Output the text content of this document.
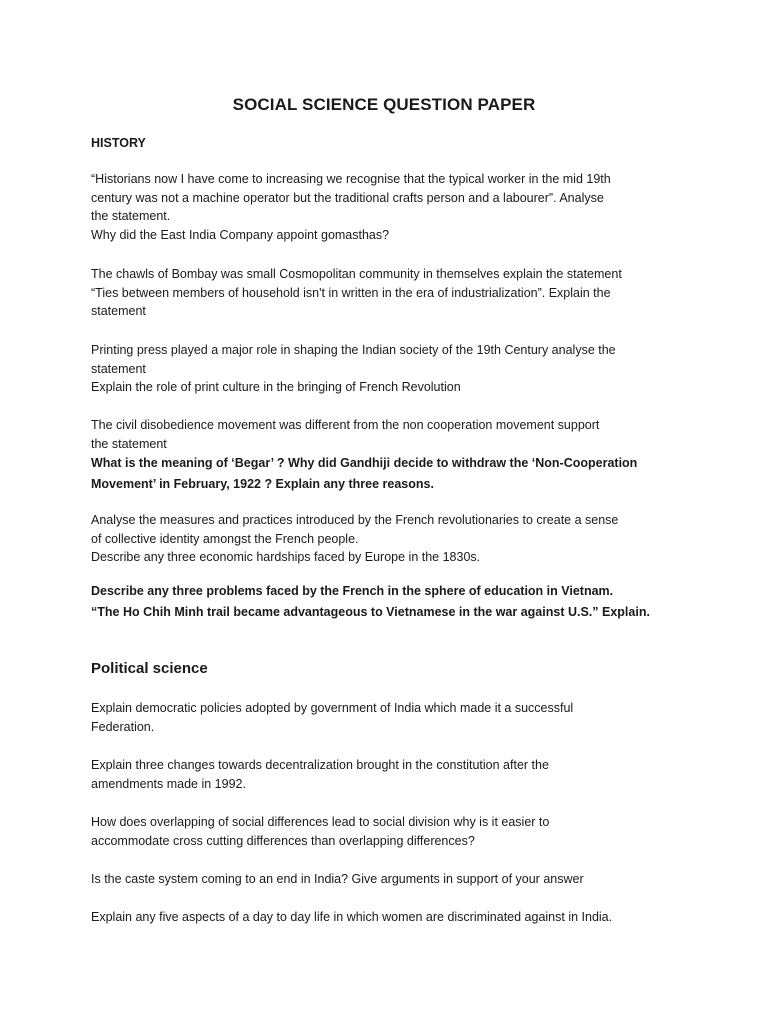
SOCIAL SCIENCE QUESTION PAPER
HISTORY
“Historians now I have come to increasing we recognise that the typical worker in the mid 19th
century was not a machine operator but the traditional crafts person and a labourer”. Analyse
the statement.
Why did the East India Company appoint gomasthas?
The chawls of Bombay was small Cosmopolitan community in themselves explain the statement
“Ties between members of household isn't in written in the era of industrialization”. Explain the
statement
Printing press played a major role in shaping the Indian society of the 19th Century analyse the
statement
Explain the role of print culture in the bringing of French Revolution
The civil disobedience movement was different from the non cooperation movement support
the statement
What is the meaning of ‘Begar’ ? Why did Gandhiji decide to withdraw the ‘Non-Cooperation
Movement’ in February, 1922 ? Explain any three reasons.
Analyse the measures and practices introduced by the French revolutionaries to create a sense
of collective identity amongst the French people.
Describe any three economic hardships faced by Europe in the 1830s.
Describe any three problems faced by the French in the sphere of education in Vietnam.
“The Ho Chih Minh trail became advantageous to Vietnamese in the war against U.S.” Explain.
Political science
Explain democratic policies adopted by government of India which made it a successful
Federation.
Explain three changes towards decentralization brought in the constitution after the
amendments made in 1992.
How does overlapping of social differences lead to social division why is it easier to
accommodate cross cutting differences than overlapping differences?
Is the caste system coming to an end in India? Give arguments in support of your answer
Explain any five aspects of a day to day life in which women are discriminated against in India.
